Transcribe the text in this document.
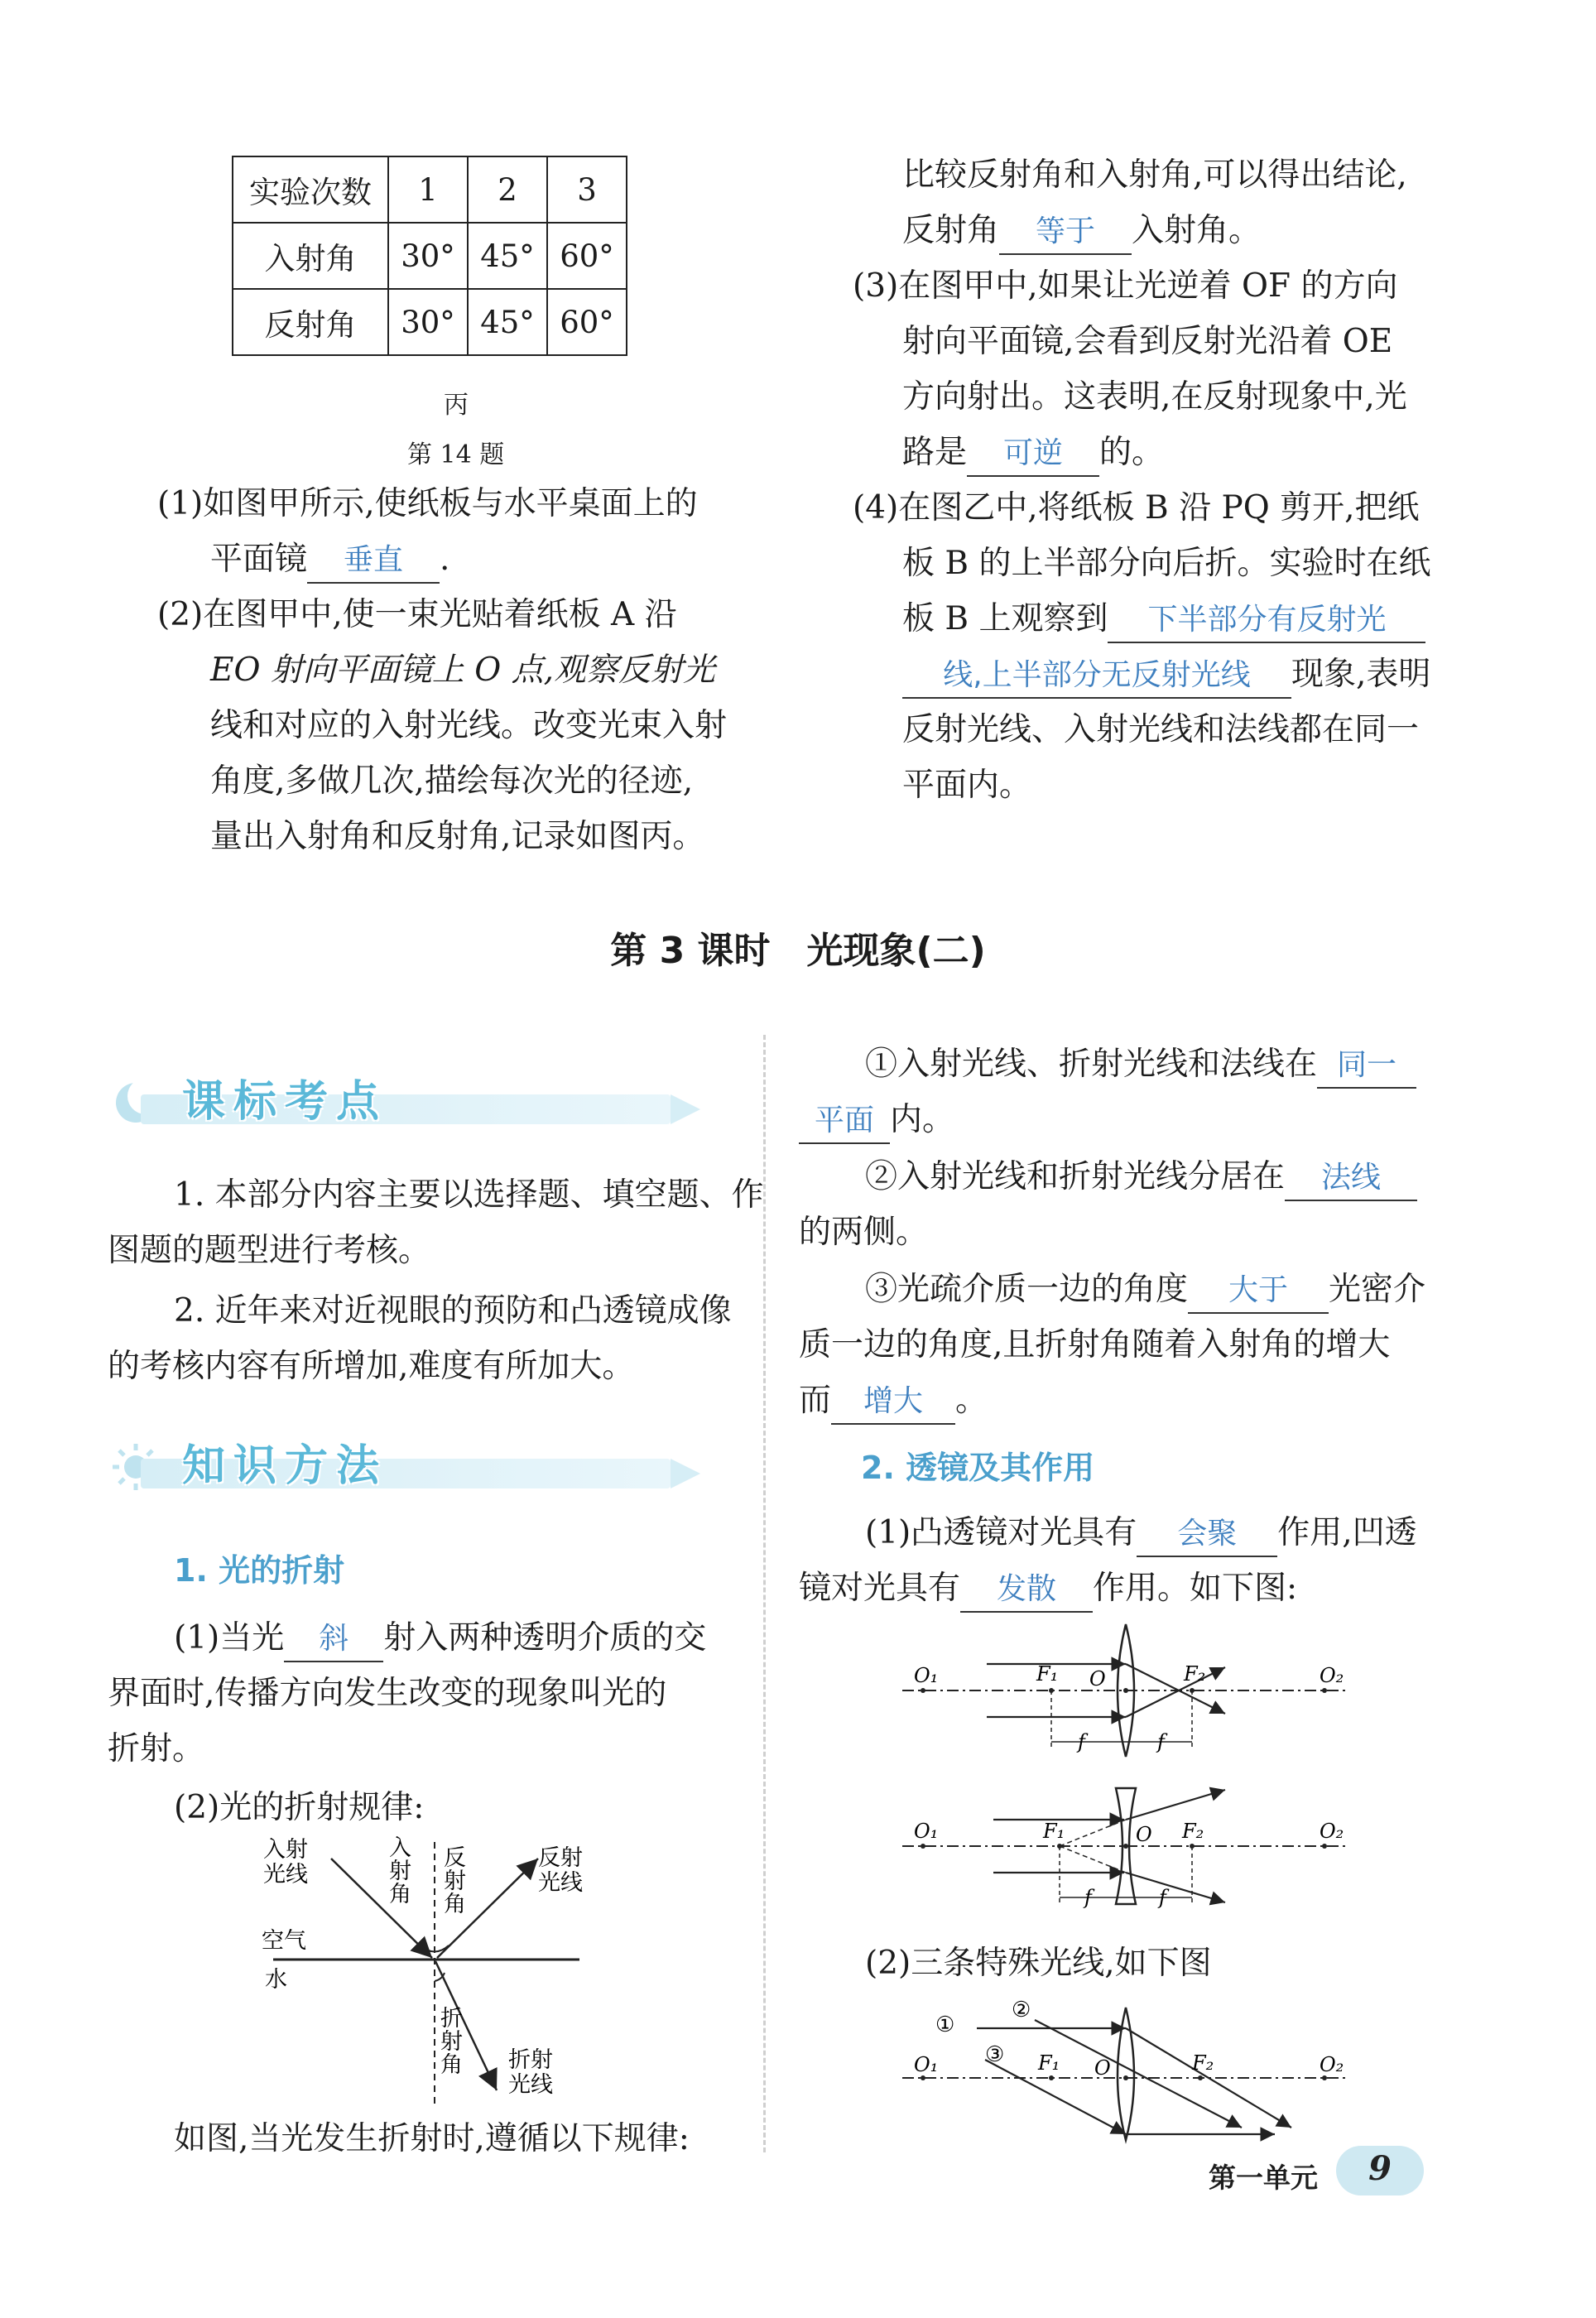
实验次数	1	2	3
入射角	30°	45°	60°
反射角	30°	45°	60°
丙
第 14 题
(1)如图甲所示,使纸板与水平桌面上的
平面镜 垂直 .
(2)在图甲中,使一束光贴着纸板 A 沿
EO 射向平面镜上 O 点,观察反射光
线和对应的入射光线。改变光束入射
角度,多做几次,描绘每次光的径迹,
量出入射角和反射角,记录如图丙。
比较反射角和入射角,可以得出结论,
反射角 等于 入射角。
(3)在图甲中,如果让光逆着 OF 的方向
射向平面镜,会看到反射光沿着 OE
方向射出。这表明,在反射现象中,光
路是 可逆 的。
(4)在图乙中,将纸板 B 沿 PQ 剪开,把纸
板 B 的上半部分向后折。实验时在纸
板 B 上观察到 下半部分有反射光
线,上半部分无反射光线 现象,表明
反射光线、入射光线和法线都在同一
平面内。
第 3 课时　光现象(二)
课标考点
1. 本部分内容主要以选择题、填空题、作
图题的题型进行考核。
2. 近年来对近视眼的预防和凸透镜成像
的考核内容有所增加,难度有所加大。
知识方法
1. 光的折射
(1)当光 斜 射入两种透明介质的交
界面时,传播方向发生改变的现象叫光的
折射。
(2)光的折射规律:
入射光线
入射角
反射角
反射光线
空气
水
折射角 折射光线
如图,当光发生折射时,遵循以下规律:
①入射光线、折射光线和法线在 同一
平面 内。
②入射光线和折射光线分居在 法线
的两侧。
③光疏介质一边的角度 大于 光密介
质一边的角度,且折射角随着入射角的增大
而 增大 。
2. 透镜及其作用
(1)凸透镜对光具有 会聚 作用,凹透
镜对光具有 发散 作用。如下图:
O₁	F₁ O	F₂	O₂
f	f
O₁	F₁	O F₂	O₂
f	f
(2)三条特殊光线,如下图
①
②
③
O₁	F₁ O	F₂	O₂
第一单元	9
